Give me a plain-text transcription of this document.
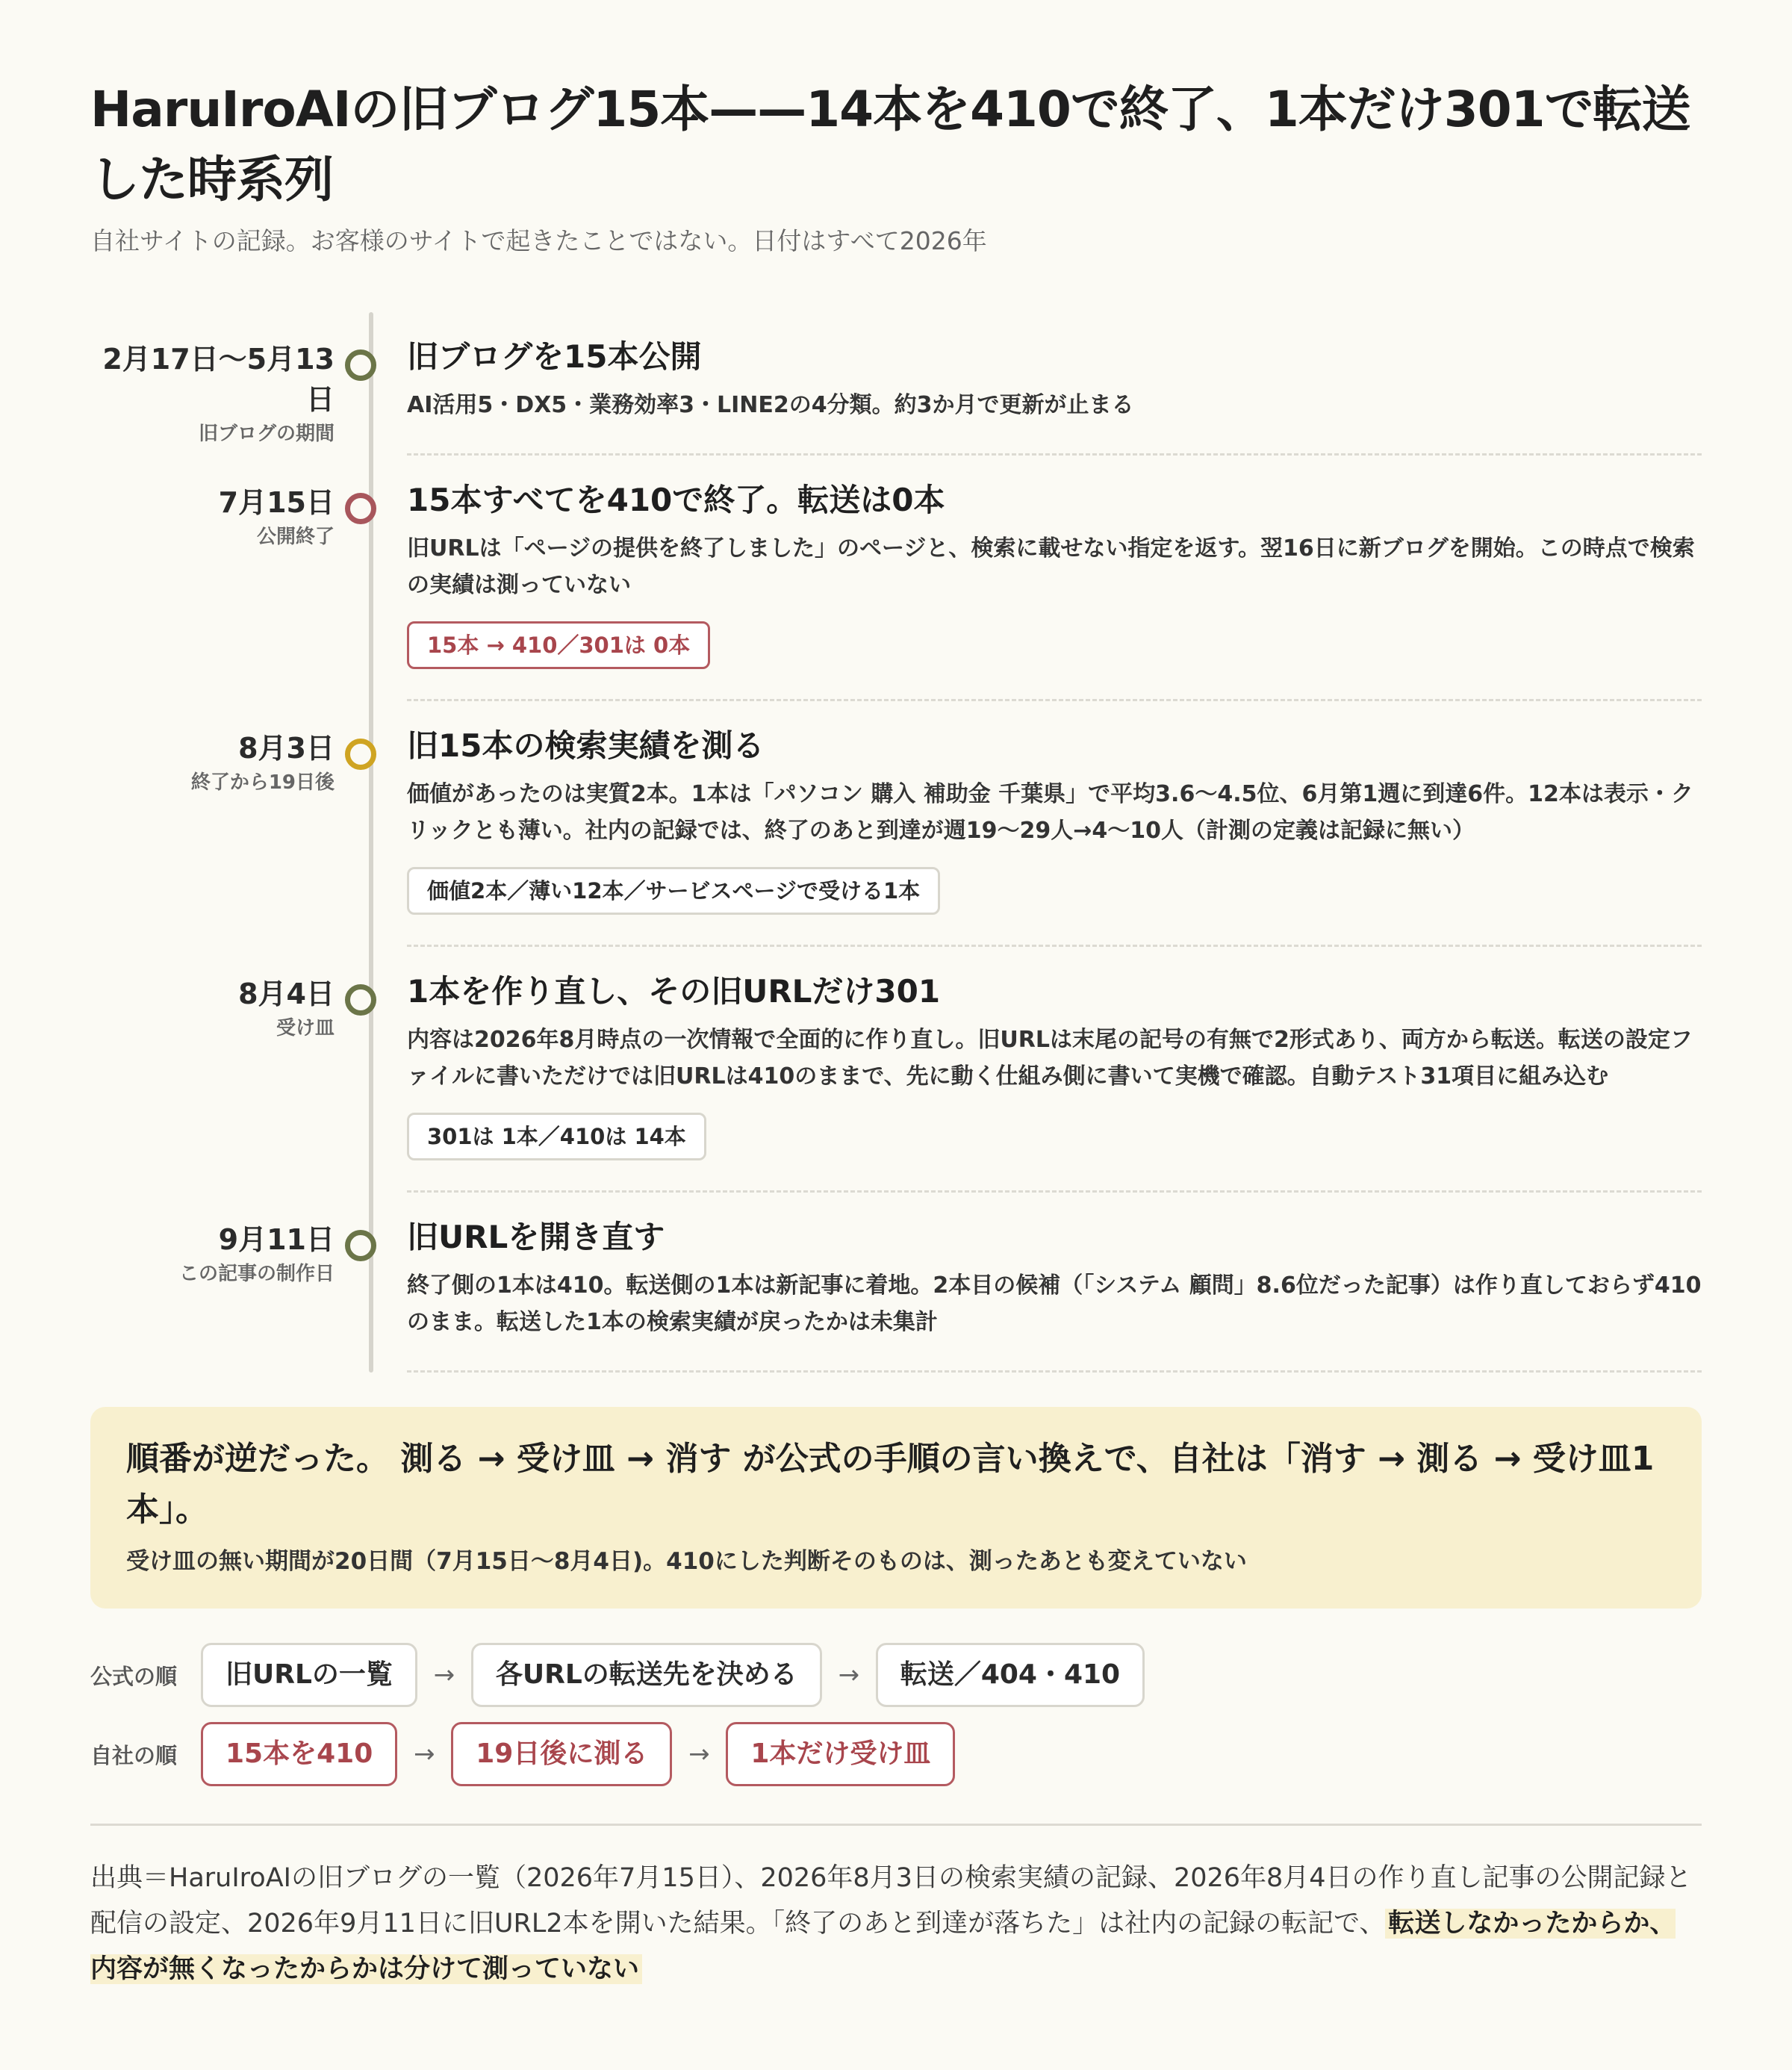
HaruIroAIの旧ブログ15本——14本を410で終了、1本だけ301で転送した時系列
自社サイトの記録。お客様のサイトで起きたことではない。日付はすべて2026年
2月17日〜5月13日
旧ブログの期間
旧ブログを15本公開
AI活用5・DX5・業務効率3・LINE2の4分類。約3か月で更新が止まる
7月15日
公開終了
15本すべてを410で終了。転送は0本
旧URLは「ページの提供を終了しました」のページと、検索に載せない指定を返す。翌16日に新ブログを開始。この時点で検索の実績は測っていない
15本 → 410／301は 0本
8月3日
終了から19日後
旧15本の検索実績を測る
価値があったのは実質2本。1本は「パソコン 購入 補助金 千葉県」で平均3.6〜4.5位、6月第1週に到達6件。12本は表示・クリックとも薄い。社内の記録では、終了のあと到達が週19〜29人→4〜10人（計測の定義は記録に無い）
価値2本／薄い12本／サービスページで受ける1本
8月4日
受け皿
1本を作り直し、その旧URLだけ301
内容は2026年8月時点の一次情報で全面的に作り直し。旧URLは末尾の記号の有無で2形式あり、両方から転送。転送の設定ファイルに書いただけでは旧URLは410のままで、先に動く仕組み側に書いて実機で確認。自動テスト31項目に組み込む
301は 1本／410は 14本
9月11日
この記事の制作日
旧URLを開き直す
終了側の1本は410。転送側の1本は新記事に着地。2本目の候補（「システム 顧問」8.6位だった記事）は作り直しておらず410のまま。転送した1本の検索実績が戻ったかは未集計
順番が逆だった。 測る → 受け皿 → 消す が公式の手順の言い換えで、自社は「消す → 測る → 受け皿1本」。
受け皿の無い期間が20日間（7月15日〜8月4日)。410にした判断そのものは、測ったあとも変えていない
公式の順	旧URLの一覧	→	各URLの転送先を決める	→	転送／404・410
自社の順	15本を410	→	19日後に測る	→	1本だけ受け皿
出典＝HaruIroAIの旧ブログの一覧（2026年7月15日）、2026年8月3日の検索実績の記録、2026年8月4日の作り直し記事の公開記録と配信の設定、2026年9月11日に旧URL2本を開いた結果。「終了のあと到達が落ちた」は社内の記録の転記で、 転送しなかったからか、内容が無くなったからかは分けて測っていない
